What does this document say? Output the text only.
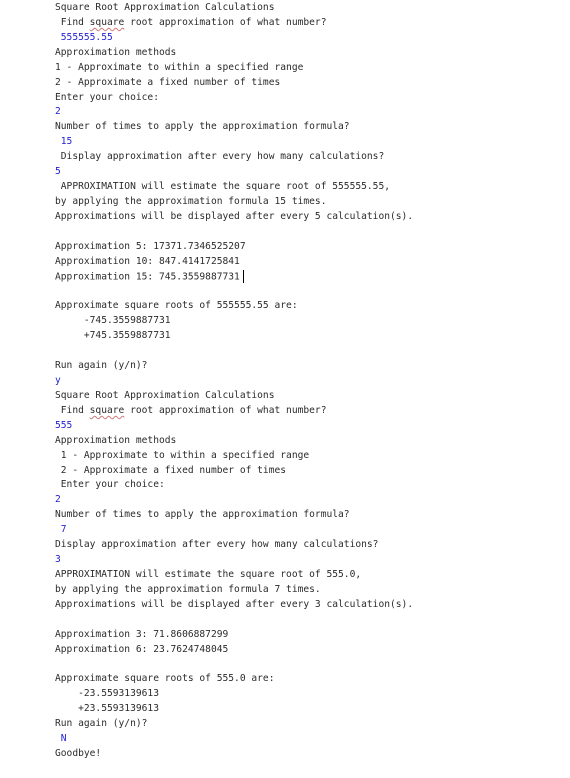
Square Root Approximation Calculations
Find square root approximation of what number?
555555.55
Approximation methods
1 - Approximate to within a specified range
2 - Approximate a fixed number of times
Enter your choice:
2
Number of times to apply the approximation formula?
15
Display approximation after every how many calculations?
5
APPROXIMATION will estimate the square root of 555555.55,
by applying the approximation formula 15 times.
Approximations will be displayed after every 5 calculation(s).
Approximation 5: 17371.7346525207
Approximation 10: 847.4141725841
Approximation 15: 745.3559887731
Approximate square roots of 555555.55 are:
-745.3559887731
+745.3559887731
Run again (y/n)?
y
Square Root Approximation Calculations
Find square root approximation of what number?
555
Approximation methods
1 - Approximate to within a specified range
2 - Approximate a fixed number of times
Enter your choice:
2
Number of times to apply the approximation formula?
7
Display approximation after every how many calculations?
3
APPROXIMATION will estimate the square root of 555.0,
by applying the approximation formula 7 times.
Approximations will be displayed after every 3 calculation(s).
Approximation 3: 71.8606887299
Approximation 6: 23.7624748045
Approximate square roots of 555.0 are:
-23.5593139613
+23.5593139613
Run again (y/n)?
N
Goodbye!
